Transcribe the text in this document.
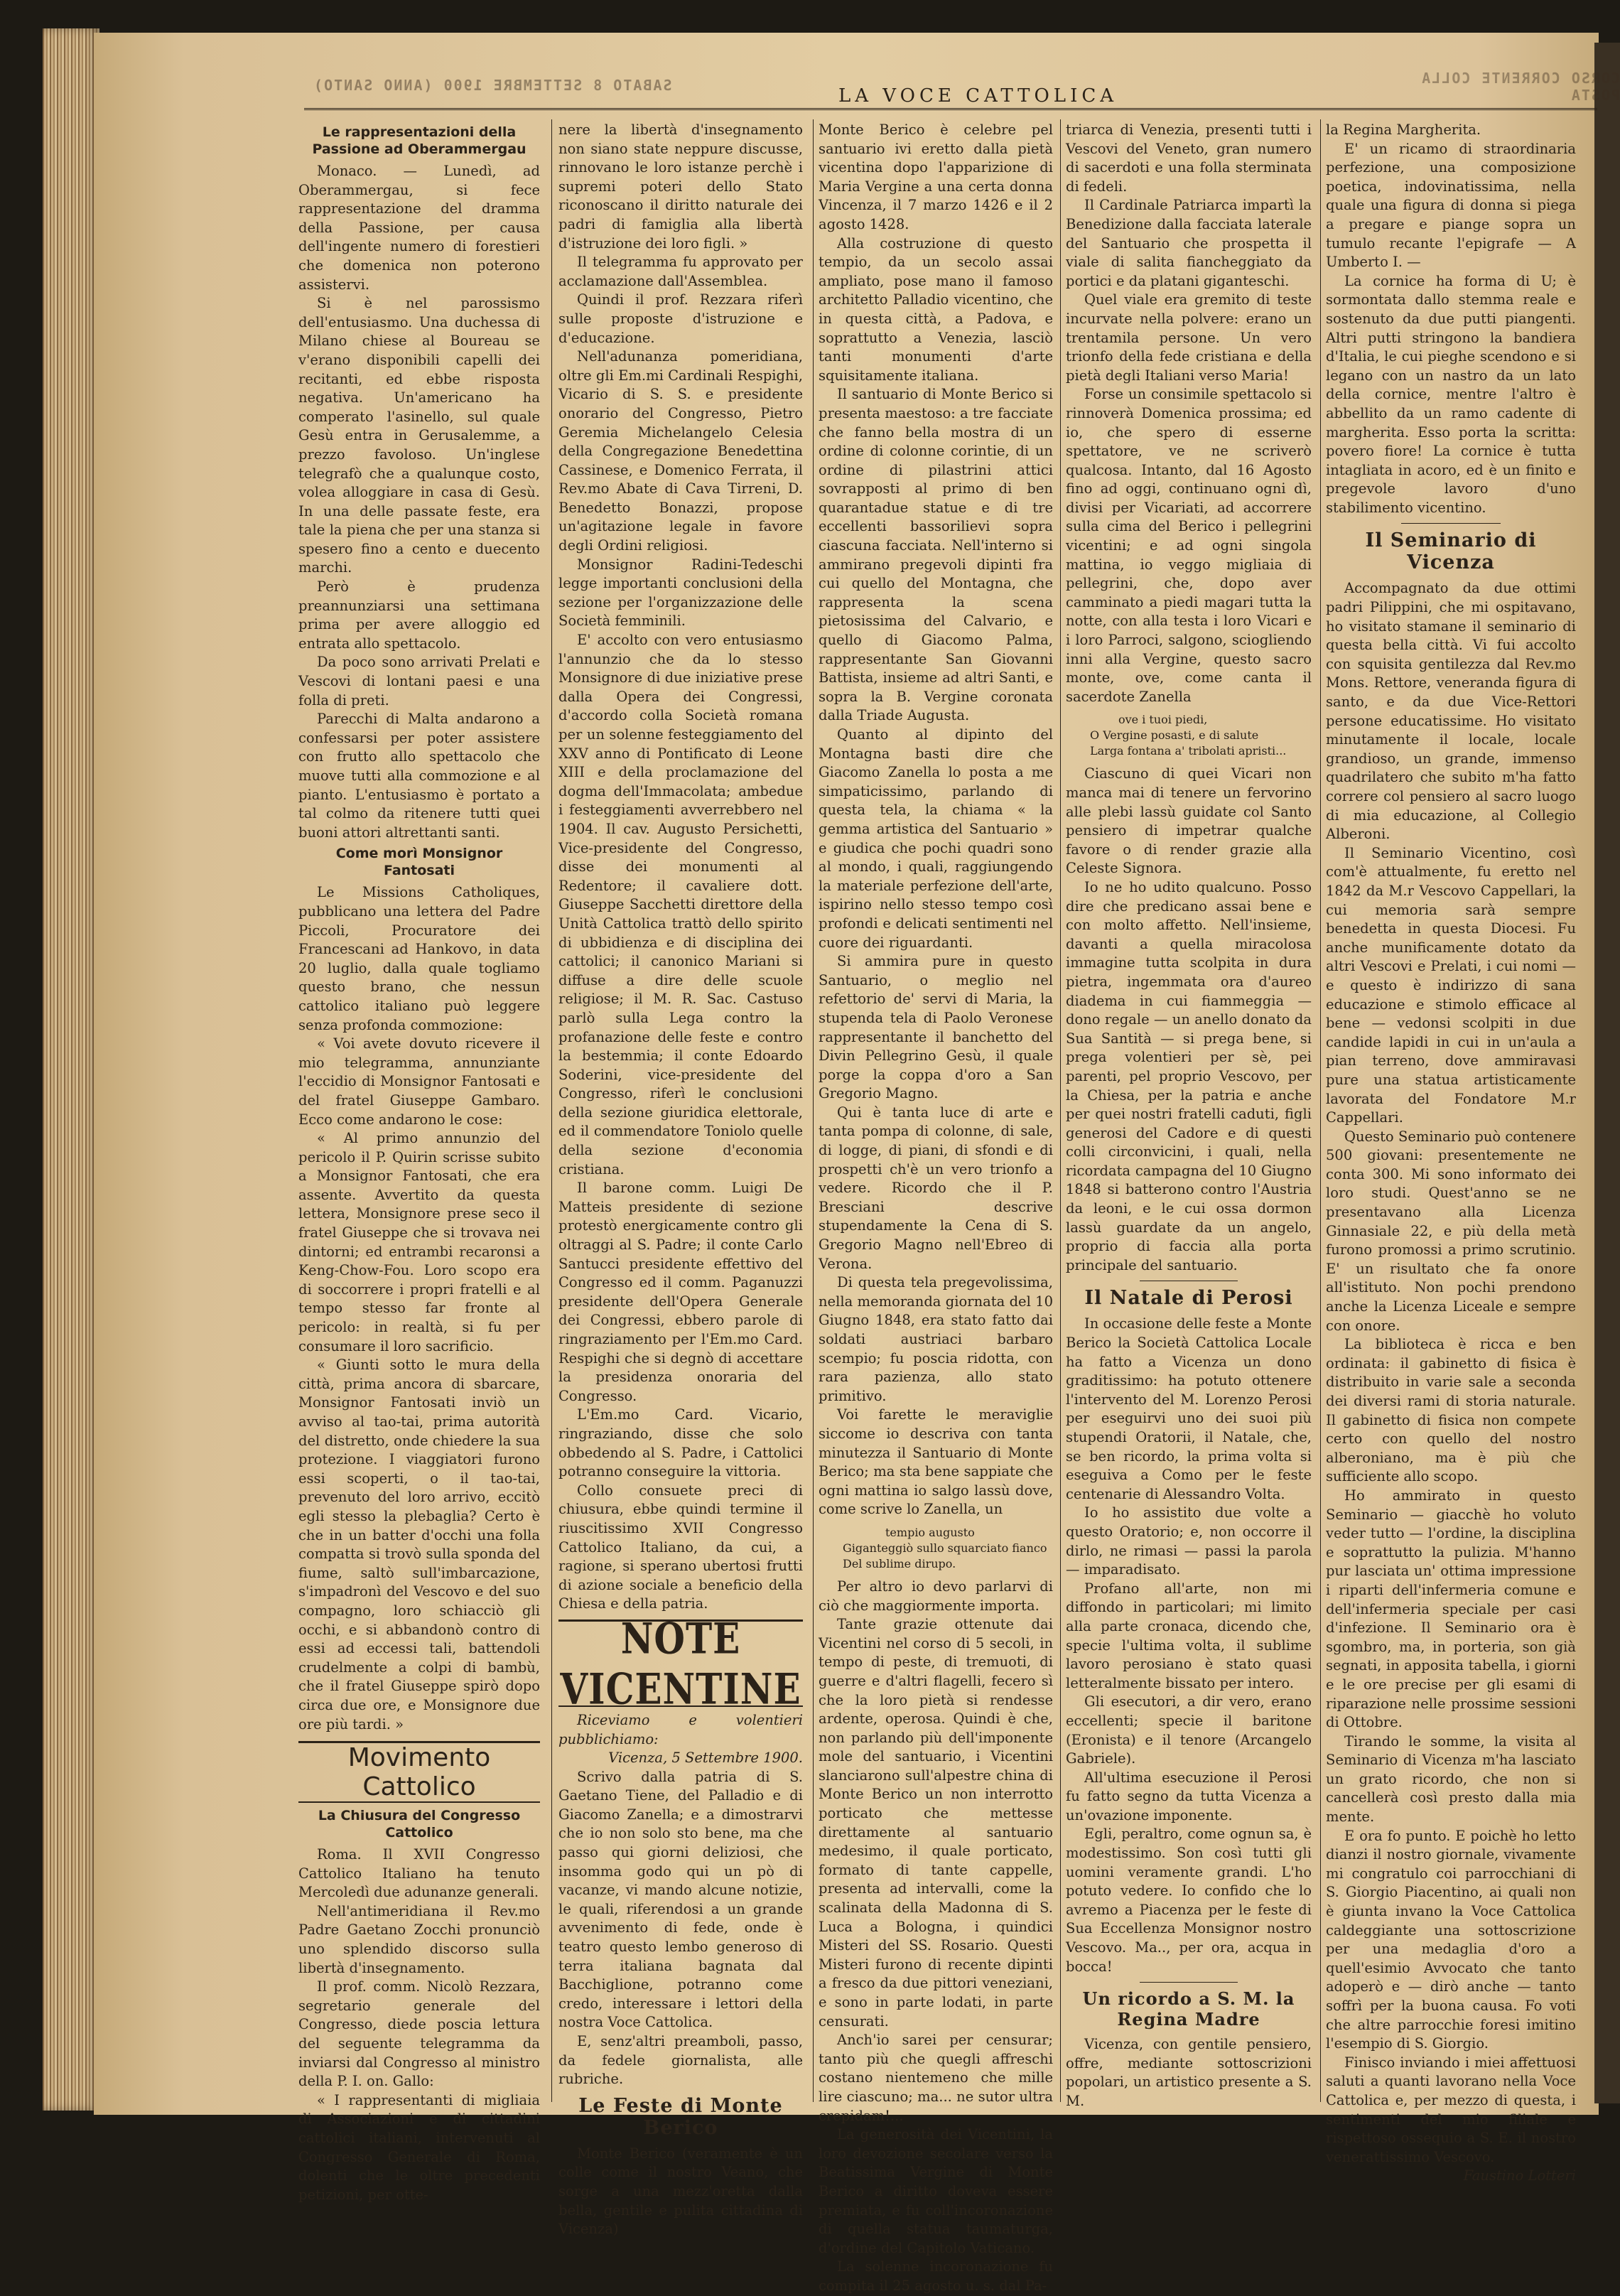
SABATO 8 SETTEMBRE 1900 (ANNO SANTO)	LA VOCE CATTOLICA
CORSO CORRENTE COLLA POSTA
Le rappresentazioni della Passione ad Oberammergau

Monaco. — Lunedì, ad Oberammergau, si fece rappresentazione del dramma della Passione, per causa dell'ingente numero di forestieri che domenica non poterono assistervi.

Si è nel parossismo dell'entusiasmo. Una duchessa di Milano chiese al Boureau se v'erano disponibili capelli dei recitanti, ed ebbe risposta negativa. Un'americano ha comperato l'asinello, sul quale Gesù entra in Gerusalemme, a prezzo favoloso. Un'inglese telegrafò che a qualunque costo, volea alloggiare in casa di Gesù. In una delle passate feste, era tale la piena che per una stanza si spesero fino a cento e duecento marchi.

Però è prudenza preannunziarsi una settimana prima per avere alloggio ed entrata allo spettacolo.

Da poco sono arrivati Prelati e Vescovi di lontani paesi e una folla di preti.

Parecchi di Malta andarono a confessarsi per poter assistere con frutto allo spettacolo che muove tutti alla commozione e al pianto. L'entusiasmo è portato a tal colmo da ritenere tutti quei buoni attori altrettanti santi.

Come morì Monsignor Fantosati

Le Missions Catholiques, pubblicano una lettera del Padre Piccoli, Procuratore dei Francescani ad Hankovo, in data 20 luglio, dalla quale togliamo questo brano, che nessun cattolico italiano può leggere senza profonda commozione:

« Voi avete dovuto ricevere il mio telegramma, annunziante l'eccidio di Monsignor Fantosati e del fratel Giuseppe Gambaro. Ecco come andarono le cose:

« Al primo annunzio del pericolo il P. Quirin scrisse subito a Monsignor Fantosati, che era assente. Avvertito da questa lettera, Monsignore prese seco il fratel Giuseppe che si trovava nei dintorni; ed entrambi recaronsi a Keng-Chow-Fou. Loro scopo era di soccorrere i propri fratelli e al tempo stesso far fronte al pericolo: in realtà, si fu per consumare il loro sacrificio.

« Giunti sotto le mura della città, prima ancora di sbarcare, Monsignor Fantosati inviò un avviso al tao-tai, prima autorità del distretto, onde chiedere la sua protezione. I viaggiatori furono essi scoperti, o il tao-tai, prevenuto del loro arrivo, eccitò egli stesso la plebaglia? Certo è che in un batter d'occhi una folla compatta si trovò sulla sponda del fiume, saltò sull'imbarcazione, s'impadronì del Vescovo e del suo compagno, loro schiacciò gli occhi, e si abbandonò contro di essi ad eccessi tali, battendoli crudelmente a colpi di bambù, che il fratel Giuseppe spirò dopo circa due ore, e Monsignore due ore più tardi. »

Movimento Cattolico
La Chiusura del Congresso Cattolico

Roma. Il XVII Congresso Cattolico Italiano ha tenuto Mercoledì due adunanze generali.

Nell'antimeridiana il Rev.mo Padre Gaetano Zocchi pronunciò uno splendido discorso sulla libertà d'insegnamento.

Il prof. comm. Nicolò Rezzara, segretario generale del Congresso, diede poscia lettura del seguente telegramma da inviarsi dal Congresso al ministro della P. I. on. Gallo:

« I rappresentanti di migliaia di Associazioni e di cittadini cattolici italiani, intervenuti al Congresso Generale di Roma, dolenti che le oltre precedenti petizioni, per otte-

nere la libertà d'insegnamento non siano state neppure discusse, rinnovano le loro istanze perchè i supremi poteri dello Stato riconoscano il diritto naturale dei padri di famiglia alla libertà d'istruzione dei loro figli. »

Il telegramma fu approvato per acclamazione dall'Assemblea.

Quindi il prof. Rezzara riferì sulle proposte d'istruzione e d'educazione.

Nell'adunanza pomeridiana, oltre gli Em.mi Cardinali Respighi, Vicario di S. S. e presidente onorario del Congresso, Pietro Geremia Michelangelo Celesia della Congregazione Benedettina Cassinese, e Domenico Ferrata, il Rev.mo Abate di Cava Tirreni, D. Benedetto Bonazzi, propose un'agitazione legale in favore degli Ordini religiosi.

Monsignor Radini-Tedeschi legge importanti conclusioni della sezione per l'organizzazione delle Società femminili.

E' accolto con vero entusiasmo l'annunzio che da lo stesso Monsignore di due iniziative prese dalla Opera dei Congressi, d'accordo colla Società romana per un solenne festeggiamento del XXV anno di Pontificato di Leone XIII e della proclamazione del dogma dell'Immacolata; ambedue i festeggiamenti avverrebbero nel 1904. Il cav. Augusto Persichetti, Vice-presidente del Congresso, disse dei monumenti al Redentore; il cavaliere dott. Giuseppe Sacchetti direttore della Unità Cattolica trattò dello spirito di ubbidienza e di disciplina dei cattolici; il canonico Mariani si diffuse a dire delle scuole religiose; il M. R. Sac. Castuso parlò sulla Lega contro la profanazione delle feste e contro la bestemmia; il conte Edoardo Soderini, vice-presidente del Congresso, riferì le conclusioni della sezione giuridica elettorale, ed il commendatore Toniolo quelle della sezione d'economia cristiana.

Il barone comm. Luigi De Matteis presidente di sezione protestò energicamente contro gli oltraggi al S. Padre; il conte Carlo Santucci presidente effettivo del Congresso ed il comm. Paganuzzi presidente dell'Opera Generale dei Congressi, ebbero parole di ringraziamento per l'Em.mo Card. Respighi che si degnò di accettare la presidenza onoraria del Congresso.

L'Em.mo Card. Vicario, ringraziando, disse che solo obbedendo al S. Padre, i Cattolici potranno conseguire la vittoria.

Collo consuete preci di chiusura, ebbe quindi termine il riuscitissimo XVII Congresso Cattolico Italiano, da cui, a ragione, si sperano ubertosi frutti di azione sociale a beneficio della Chiesa e della patria.

NOTE VICENTINE

Riceviamo e volentieri pubblichiamo:

Vicenza, 5 Settembre 1900.

Scrivo dalla patria di S. Gaetano Tiene, del Palladio e di Giacomo Zanella; e a dimostrarvi che io non solo sto bene, ma che passo qui giorni deliziosi, che insomma godo qui un pò di vacanze, vi mando alcune notizie, le quali, riferendosi a un grande avvenimento di fede, onde è teatro questo lembo generoso di terra italiana bagnata dal Bacchiglione, potranno come credo, interessare i lettori della nostra Voce Cattolica.

E, senz'altri preamboli, passo, da fedele giornalista, alle rubriche.

Le Feste di Monte Berico

Monte Berico (veramente è un colle come il nostro Veano, che sorge a una mezz'oretta dalla bella, gentile e pulita cittadina di Vicenza)

Monte Berico è celebre pel santuario ivi eretto dalla pietà vicentina dopo l'apparizione di Maria Vergine a una certa donna Vincenza, il 7 marzo 1426 e il 2 agosto 1428.

Alla costruzione di questo tempio, da un secolo assai ampliato, pose mano il famoso architetto Palladio vicentino, che in questa città, a Padova, e soprattutto a Venezia, lasciò tanti monumenti d'arte squisitamente italiana.

Il santuario di Monte Berico si presenta maestoso: a tre facciate che fanno bella mostra di un ordine di colonne corintie, di un ordine di pilastrini attici sovrapposti al primo di ben quarantadue statue e di tre eccellenti bassorilievi sopra ciascuna facciata. Nell'interno si ammirano pregevoli dipinti fra cui quello del Montagna, che rappresenta la scena pietosissima del Calvario, e quello di Giacomo Palma, rappresentante San Giovanni Battista, insieme ad altri Santi, e sopra la B. Vergine coronata dalla Triade Augusta.

Quanto al dipinto del Montagna basti dire che Giacomo Zanella lo posta a me simpaticissimo, parlando di questa tela, la chiama « la gemma artistica del Santuario » e giudica che pochi quadri sono al mondo, i quali, raggiungendo la materiale perfezione dell'arte, ispirino nello stesso tempo così profondi e delicati sentimenti nel cuore dei riguardanti.

Si ammira pure in questo Santuario, o meglio nel refettorio de' servi di Maria, la stupenda tela di Paolo Veronese rappresentante il banchetto del Divin Pellegrino Gesù, il quale porge la coppa d'oro a San Gregorio Magno.

Qui è tanta luce di arte e tanta pompa di colonne, di sale, di logge, di piani, di sfondi e di prospetti ch'è un vero trionfo a vedere. Ricordo che il P. Bresciani descrive stupendamente la Cena di S. Gregorio Magno nell'Ebreo di Verona.

Di questa tela pregevolissima, nella memoranda giornata del 10 Giugno 1848, era stato fatto dai soldati austriaci barbaro scempio; fu poscia ridotta, con rara pazienza, allo stato primitivo.

Voi farette le meraviglie siccome io descriva con tanta minutezza il Santuario di Monte Berico; ma sta bene sappiate che ogni mattina io salgo lassù dove, come scrive lo Zanella, un

tempio augusto
Giganteggiò sullo squarciato fianco
Del sublime dirupo.

Per altro io devo parlarvi di ciò che maggiormente importa.

Tante grazie ottenute dai Vicentini nel corso di 5 secoli, in tempo di peste, di tremuoti, di guerre e d'altri flagelli, fecero sì che la loro pietà si rendesse ardente, operosa. Quindi è che, non parlando più dell'imponente mole del santuario, i Vicentini slanciarono sull'alpestre china di Monte Berico un non interrotto porticato che mettesse direttamente al santuario medesimo, il quale porticato, formato di tante cappelle, presenta ad intervalli, come la scalinata della Madonna di S. Luca a Bologna, i quindici Misteri del SS. Rosario. Questi Misteri furono di recente dipinti a fresco da due pittori veneziani, e sono in parte lodati, in parte censurati.

Anch'io sarei per censurar; tanto più che quegli affreschi costano nientemeno che mille lire ciascuno; ma... ne sutor ultra crepidam!...

La generosità dei Vicentini, la loro devozione secolare verso la Beatissima Vergine di Monte Berico a diritto doveva essere premiata, e fu coll'incoronazione di quella statua taumaturga, d'ordine del Capitolo Vaticano.

La solenne incoronazione fu compita il 25 agosto u. s. dal Pa-

triarca di Venezia, presenti tutti i Vescovi del Veneto, gran numero di sacerdoti e una folla sterminata di fedeli.

Il Cardinale Patriarca impartì la Benedizione dalla facciata laterale del Santuario che prospetta il viale di salita fiancheggiato da portici e da platani giganteschi.

Quel viale era gremito di teste incurvate nella polvere: erano un trentamila persone. Un vero trionfo della fede cristiana e della pietà degli Italiani verso Maria!

Forse un consimile spettacolo si rinnoverà Domenica prossima; ed io, che spero di esserne spettatore, ve ne scriverò qualcosa. Intanto, dal 16 Agosto fino ad oggi, continuano ogni dì, divisi per Vicariati, ad accorrere sulla cima del Berico i pellegrini vicentini; e ad ogni singola mattina, io veggo migliaia di pellegrini, che, dopo aver camminato a piedi magari tutta la notte, con alla testa i loro Vicari e i loro Parroci, salgono, sciogliendo inni alla Vergine, questo sacro monte, ove, come canta il sacerdote Zanella

ove i tuoi piedi,
O Vergine posasti, e di salute
Larga fontana a' tribolati apristi...

Ciascuno di quei Vicari non manca mai di tenere un fervorino alle plebi lassù guidate col Santo pensiero di impetrar qualche favore o di render grazie alla Celeste Signora.

Io ne ho udito qualcuno. Posso dire che predicano assai bene e con molto affetto. Nell'insieme, davanti a quella miracolosa immagine tutta scolpita in dura pietra, ingemmata ora d'aureo diadema in cui fiammeggia — dono regale — un anello donato da Sua Santità — si prega bene, si prega volentieri per sè, pei parenti, pel proprio Vescovo, per la Chiesa, per la patria e anche per quei nostri fratelli caduti, figli generosi del Cadore e di questi colli circonvicini, i quali, nella ricordata campagna del 10 Giugno 1848 si batterono contro l'Austria da leoni, e le cui ossa dormon lassù guardate da un angelo, proprio di faccia alla porta principale del santuario.

Il Natale di Perosi

In occasione delle feste a Monte Berico la Società Cattolica Locale ha fatto a Vicenza un dono graditissimo: ha potuto ottenere l'intervento del M. Lorenzo Perosi per eseguirvi uno dei suoi più stupendi Oratorii, il Natale, che, se ben ricordo, la prima volta si eseguiva a Como per le feste centenarie di Alessandro Volta.

Io ho assistito due volte a questo Oratorio; e, non occorre il dirlo, ne rimasi — passi la parola — imparadisato.

Profano all'arte, non mi diffondo in particolari; mi limito alla parte cronaca, dicendo che, specie l'ultima volta, il sublime lavoro perosiano è stato quasi letteralmente bissato per intero.

Gli esecutori, a dir vero, erano eccellenti; specie il baritone (Eronista) e il tenore (Arcangelo Gabriele).

All'ultima esecuzione il Perosi fu fatto segno da tutta Vicenza a un'ovazione imponente.

Egli, peraltro, come ognun sa, è modestissimo. Son così tutti gli uomini veramente grandi. L'ho potuto vedere. Io confido che lo avremo a Piacenza per le feste di Sua Eccellenza Monsignor nostro Vescovo. Ma.., per ora, acqua in bocca!

Un ricordo a S. M. la Regina Madre

Vicenza, con gentile pensiero, offre, mediante sottoscrizioni popolari, un artistico presente a S. M.

la Regina Margherita.

E' un ricamo di straordinaria perfezione, una composizione poetica, indovinatissima, nella quale una figura di donna si piega a pregare e piange sopra un tumulo recante l'epigrafe — A Umberto I. —

La cornice ha forma di U; è sormontata dallo stemma reale e sostenuto da due putti piangenti. Altri putti stringono la bandiera d'Italia, le cui pieghe scendono e si legano con un nastro da un lato della cornice, mentre l'altro è abbellito da un ramo cadente di margherita. Esso porta la scritta: povero fiore! La cornice è tutta intagliata in acoro, ed è un finito e pregevole lavoro d'uno stabilimento vicentino.

Il Seminario di Vicenza

Accompagnato da due ottimi padri Pilippini, che mi ospitavano, ho visitato stamane il seminario di questa bella città. Vi fui accolto con squisita gentilezza dal Rev.mo Mons. Rettore, veneranda figura di santo, e da due Vice-Rettori persone educatissime. Ho visitato minutamente il locale, locale grandioso, un grande, immenso quadrilatero che subito m'ha fatto correre col pensiero al sacro luogo di mia educazione, al Collegio Alberoni.

Il Seminario Vicentino, così com'è attualmente, fu eretto nel 1842 da M.r Vescovo Cappellari, la cui memoria sarà sempre benedetta in questa Diocesi. Fu anche munificamente dotato da altri Vescovi e Prelati, i cui nomi — e questo è indirizzo di sana educazione e stimolo efficace al bene — vedonsi scolpiti in due candide lapidi in cui in un'aula a pian terreno, dove ammiravasi pure una statua artisticamente lavorata del Fondatore M.r Cappellari.

Questo Seminario può contenere 500 giovani: presentemente ne conta 300. Mi sono informato dei loro studi. Quest'anno se ne presentavano alla Licenza Ginnasiale 22, e più della metà furono promossi a primo scrutinio. E' un risultato che fa onore all'istituto. Non pochi prendono anche la Licenza Liceale e sempre con onore.

La biblioteca è ricca e ben ordinata: il gabinetto di fisica è distribuito in varie sale a seconda dei diversi rami di storia naturale. Il gabinetto di fisica non compete certo con quello del nostro alberoniano, ma è più che sufficiente allo scopo.

Ho ammirato in questo Seminario — giacchè ho voluto veder tutto — l'ordine, la disciplina e soprattutto la pulizia. M'hanno pur lasciata un' ottima impressione i riparti dell'infermeria comune e dell'infermeria speciale per casi d'infezione. Il Seminario ora è sgombro, ma, in porteria, son già segnati, in apposita tabella, i giorni e le ore precise per gli esami di riparazione nelle prossime sessioni di Ottobre.

Tirando le somme, la visita al Seminario di Vicenza m'ha lasciato un grato ricordo, che non si cancellerà così presto dalla mia mente.

E ora fo punto. E poichè ho letto dianzi il nostro giornale, vivamente mi congratulo coi parrocchiani di S. Giorgio Piacentino, ai quali non è giunta invano la Voce Cattolica caldeggiante una sottoscrizione per una medaglia d'oro a quell'esimio Avvocato che tanto adoperò e — dirò anche — tanto soffrì per la buona causa. Fo voti che altre parrocchie foresi imitino l'esempio di S. Giorgio.

Finisco inviando i miei affettuosi saluti a quanti lavorano nella Voce Cattolica e, per mezzo di questa, i sentimenti del mio filiale e rispettoso ossequio a S. E. il nostro venerattissimo Vescovo.

Faustino Lotteri
